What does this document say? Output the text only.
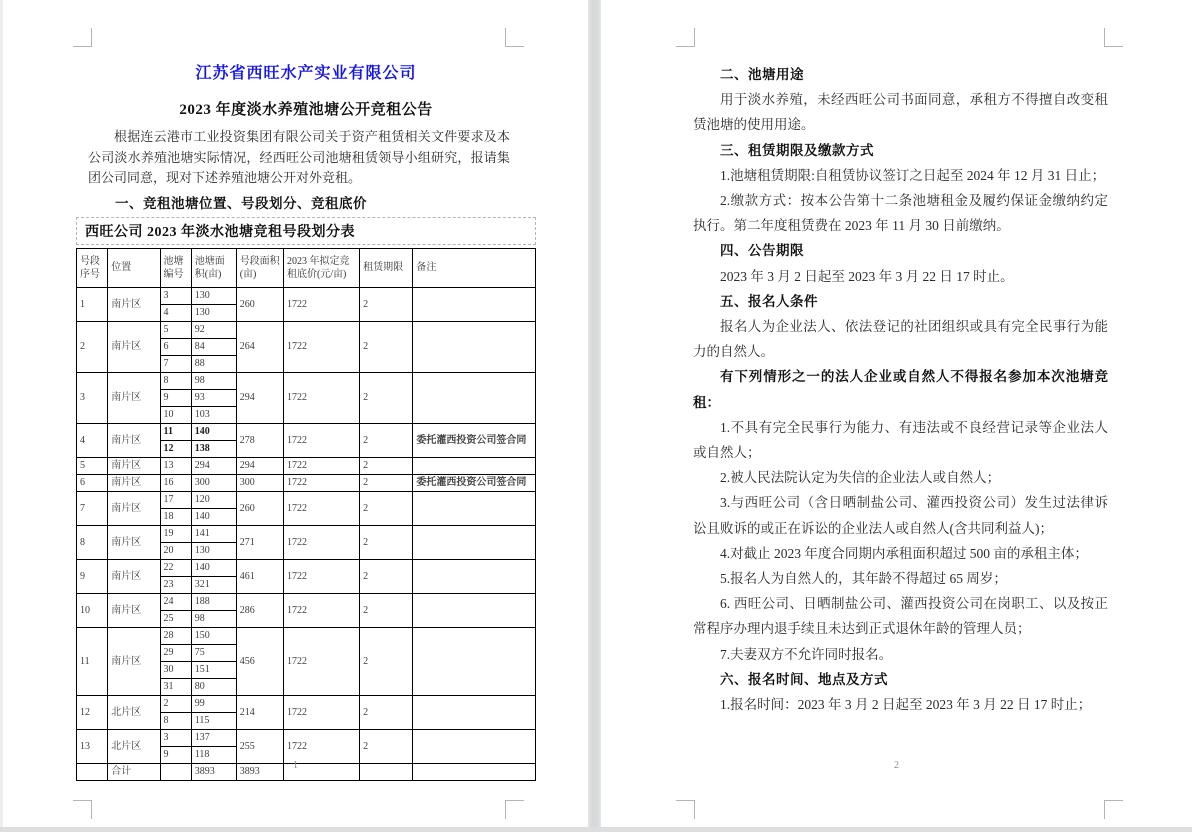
江苏省西旺水产实业有限公司

2023 年度淡水养殖池塘公开竞租公告

根据连云港市工业投资集团有限公司关于资产租赁相关文件要求及本公司淡水养殖池塘实际情况，经西旺公司池塘租赁领导小组研究，报请集团公司同意，现对下述养殖池塘公开对外竞租。

一、竞租池塘位置、号段划分、竞租底价

西旺公司 2023 年淡水池塘竞租号段划分表
号段序号	位置	池塘编号	池塘面积(亩)	号段面积(亩)	2023 年拟定竞租底价(元/亩)	租赁期限	备注
1	南片区	3	130	260	1722	2	
		4	130				
2	南片区	5	92	264	1722	2	
		6	84				
		7	88				
3	南片区	8	98	294	1722	2	
		9	93				
		10	103				
4	南片区	11	140	278	1722	2	委托灌西投资公司签合同
		12	138				
5	南片区	13	294	294	1722	2	
6	南片区	16	300	300	1722	2	委托灌西投资公司签合同
7	南片区	17	120	260	1722	2	
		18	140				
8	南片区	19	141	271	1722	2	
		20	130				
9	南片区	22	140	461	1722	2	
		23	321				
10	南片区	24	188	286	1722	2	
		25	98				
11	南片区	28	150	456	1722	2	
		29	75				
		30	151				
		31	80				
12	北片区	2	99	214	1722	2	
		8	115				
13	北片区	3	137	255	1722	2	
		9	118				
	合计		3893	3893			
1

二、池塘用途

用于淡水养殖，未经西旺公司书面同意，承租方不得擅自改变租赁池塘的使用用途。

三、租赁期限及缴款方式

1.池塘租赁期限:自租赁协议签订之日起至 2024 年 12 月 31 日止；

2.缴款方式：按本公告第十二条池塘租金及履约保证金缴纳约定执行。第二年度租赁费在 2023 年 11 月 30 日前缴纳。

四、公告期限

2023 年 3 月 2 日起至 2023 年 3 月 22 日 17 时止。

五、报名人条件

报名人为企业法人、依法登记的社团组织或具有完全民事行为能力的自然人。

有下列情形之一的法人企业或自然人不得报名参加本次池塘竞租：

1.不具有完全民事行为能力、有违法或不良经营记录等企业法人或自然人；

2.被人民法院认定为失信的企业法人或自然人；

3.与西旺公司（含日晒制盐公司、灌西投资公司）发生过法律诉讼且败诉的或正在诉讼的企业法人或自然人(含共同利益人)；

4.对截止 2023 年度合同期内承租面积超过 500 亩的承租主体；

5.报名人为自然人的，其年龄不得超过 65 周岁；

6. 西旺公司、日晒制盐公司、灌西投资公司在岗职工、以及按正常程序办理内退手续且未达到正式退休年龄的管理人员；

7.夫妻双方不允许同时报名。

六、报名时间、地点及方式

1.报名时间：2023 年 3 月 2 日起至 2023 年 3 月 22 日 17 时止；

2
